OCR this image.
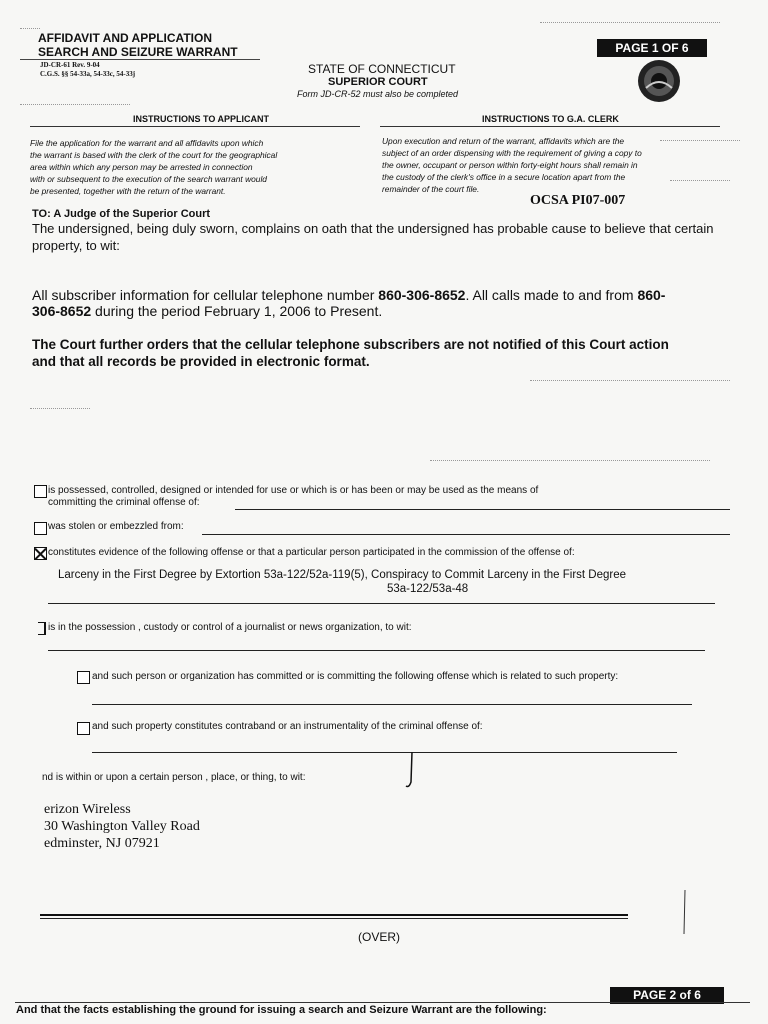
AFFIDAVIT AND APPLICATION
SEARCH AND SEIZURE WARRANT
JD-CR-61 Rev. 9-04
C.G.S. §§ 54-33a, 54-33c, 54-33j
PAGE 1 OF 6
STATE OF CONNECTICUT
SUPERIOR COURT
Form JD-CR-52 must also be completed
INSTRUCTIONS TO APPLICANT	INSTRUCTIONS TO G.A. CLERK
File the application for the warrant and all affidavits upon which
the warrant is based with the clerk of the court for the geographical
area within which any person may be arrested in connection
with or subsequent to the execution of the search warrant would
be presented, together with the return of the warrant.
Upon execution and return of the warrant, affidavits which are the
subject of an order dispensing with the requirement of giving a copy to
the owner, occupant or person within forty-eight hours shall remain in
the custody of the clerk's office in a secure location apart from the
remainder of the court file.
OCSA PI07-007
TO: A Judge of the Superior Court
The undersigned, being duly sworn, complains on oath that the undersigned has probable cause to believe that certain
property, to wit:
All subscriber information for cellular telephone number 860-306-8652. All calls made to and from 860-
306-8652 during the period February 1, 2006 to Present.
The Court further orders that the cellular telephone subscribers are not notified of this Court action
and that all records be provided in electronic format.
is possessed, controlled, designed or intended for use or which is or has been or may be used as the means of
committing the criminal offense of:
was stolen or embezzled from:
constitutes evidence of the following offense or that a particular person participated in the commission of the offense of:
Larceny in the First Degree by Extortion 53a-122/52a-119(5), Conspiracy to Commit Larceny in the First Degree
53a-122/53a-48
is in the possession , custody or control of a journalist or news organization, to wit:
and such person or organization has committed or is committing the following offense which is related to such property:
and such property constitutes contraband or an instrumentality of the criminal offense of:
nd is within or upon a certain person , place, or thing, to wit:
erizon Wireless
30 Washington Valley Road
edminster, NJ 07921
(OVER)
PAGE 2 of 6
And that the facts establishing the ground for issuing a search and Seizure Warrant are the following:
